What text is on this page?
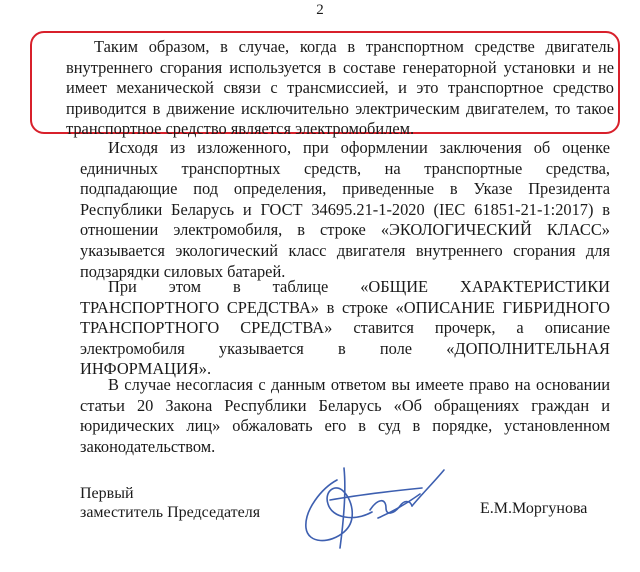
2

Таким образом, в случае, когда в транспортном средстве двигатель внутреннего сгорания используется в составе генераторной установки и не имеет механической связи с трансмиссией, и это транспортное средство приводится в движение исключительно электрическим двигателем, то такое транспортное средство является электромобилем.

Исходя из изложенного, при оформлении заключения об оценке единичных транспортных средств, на транспортные средства, подпадающие под определения, приведенные в Указе Президента Республики Беларусь и ГОСТ 34695.21-1-2020 (IEC 61851-21-1:2017) в отношении электромобиля, в строке «ЭКОЛОГИЧЕСКИЙ КЛАСС» указывается экологический класс двигателя внутреннего сгорания для подзарядки силовых батарей.

При этом в таблице «ОБЩИЕ ХАРАКТЕРИСТИКИ ТРАНСПОРТНОГО СРЕДСТВА» в строке «ОПИСАНИЕ ГИБРИДНОГО ТРАНСПОРТНОГО СРЕДСТВА» ставится прочерк, а описание электромобиля указывается в поле «ДОПОЛНИТЕЛЬНАЯ ИНФОРМАЦИЯ».

В случае несогласия с данным ответом вы имеете право на основании статьи 20 Закона Республики Беларусь «Об обращениях граждан и юридических лиц» обжаловать его в суд в порядке, установленном законодательством.

Первый
заместитель Председателя	Е.М.Моргунова
